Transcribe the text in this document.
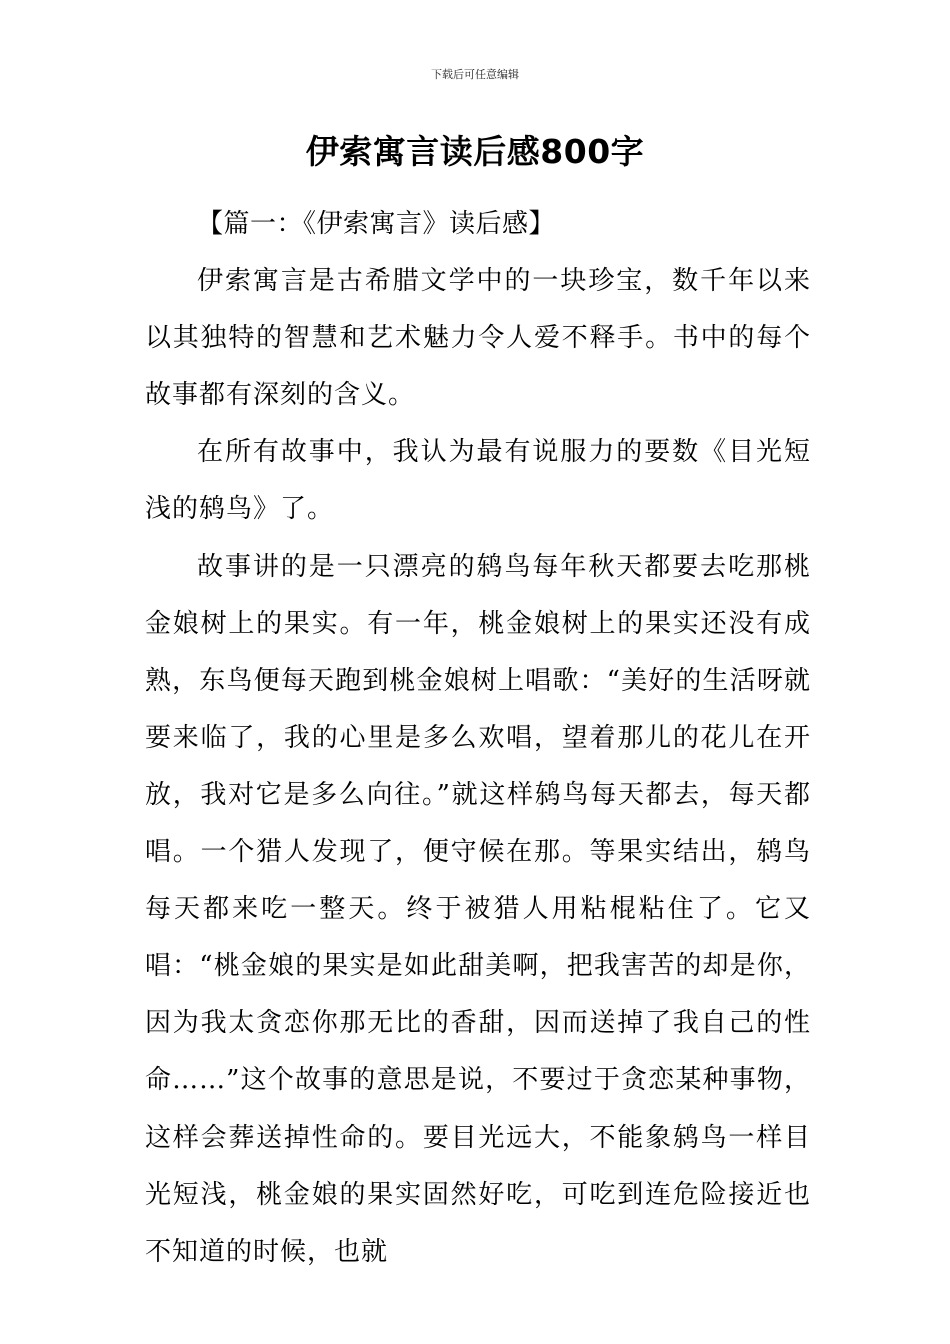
下载后可任意编辑
伊索寓言读后感800字

【篇一：《伊索寓言》读后感】

伊索寓言是古希腊文学中的一块珍宝，数千年以来以其独特的智慧和艺术魅力令人爱不释手。书中的每个故事都有深刻的含义。

在所有故事中，我认为最有说服力的要数《目光短浅的鸫鸟》了。

故事讲的是一只漂亮的鸫鸟每年秋天都要去吃那桃金娘树上的果实。有一年，桃金娘树上的果实还没有成熟，东鸟便每天跑到桃金娘树上唱歌：“美好的生活呀就要来临了，我的心里是多么欢唱，望着那儿的花儿在开放，我对它是多么向往。”就这样鸫鸟每天都去，每天都唱。一个猎人发现了，便守候在那。等果实结出，鸫鸟每天都来吃一整天。终于被猎人用粘棍粘住了。它又唱：“桃金娘的果实是如此甜美啊，把我害苦的却是你，因为我太贪恋你那无比的香甜，因而送掉了我自己的性命……”这个故事的意思是说，不要过于贪恋某种事物，这样会葬送掉性命的。要目光远大，不能象鸫鸟一样目光短浅，桃金娘的果实固然好吃，可吃到连危险接近也不知道的时候，也就
